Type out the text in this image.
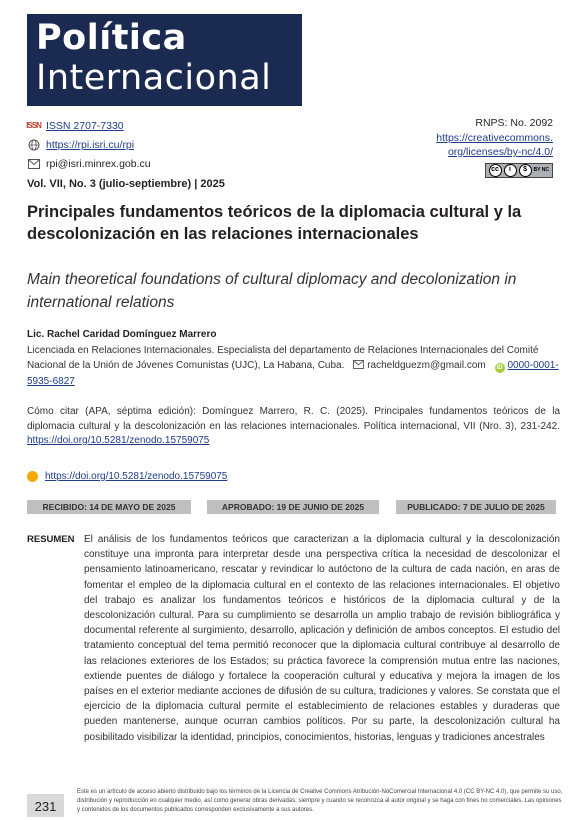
Política
Internacional
ISSN ISSN 2707-7330
https://rpi.isri.cu/rpi
rpi@isri.minrex.gob.cu
Vol. VII, No. 3 (julio-septiembre) | 2025
RNPS: No. 2092
https://creativecommons.
org/licenses/by-nc/4.0/
cc	i	$	BY NC
Principales fundamentos teóricos de la diplomacia cultural y la descolonización en las relaciones internacionales
Main theoretical foundations of cultural diplomacy and decolonization in international relations
Lic. Rachel Caridad Domínguez Marrero
Licenciada en Relaciones Internacionales. Especialista del departamento de Relaciones Internacionales del Comité Nacional de la Unión de Jóvenes Comunistas (UJC), La Habana, Cuba. racheldguezm@gmail.com iD 0000-0001-5935-6827
Cómo citar (APA, séptima edición): Domínguez Marrero, R. C. (2025). Principales fundamentos teóricos de la diplomacia cultural y la descolonización en las relaciones internacionales. Política internacional, VII (Nro. 3), 231-242. https://doi.org/10.5281/zenodo.15759075
https://doi.org/10.5281/zenodo.15759075
RECIBIDO: 14 DE MAYO DE 2025	APROBADO: 19 DE JUNIO DE 2025	PUBLICADO: 7 DE JULIO DE 2025
RESUMEN El análisis de los fundamentos teóricos que caracterizan a la diplomacia cultural y la descolonización constituye una impronta para interpretar desde una perspectiva crítica la necesidad de descolonizar el pensamiento latinoamericano, rescatar y revindicar lo autóctono de la cultura de cada nación, en aras de fomentar el empleo de la diplomacia cultural en el contexto de las relaciones internacionales. El objetivo del trabajo es analizar los fundamentos teóricos e históricos de la diplomacia cultural y de la descolonización cultural. Para su cumplimiento se desarrolla un amplio trabajo de revisión bibliográfica y documental referente al surgimiento, desarrollo, aplicación y definición de ambos conceptos. El estudio del tratamiento conceptual del tema permitió reconocer que la diplomacia cultural contribuye al desarrollo de las relaciones exteriores de los Estados; su práctica favorece la comprensión mutua entre las naciones, extiende puentes de diálogo y fortalece la cooperación cultural y educativa y mejora la imagen de los países en el exterior mediante acciones de difusión de su cultura, tradiciones y valores. Se constata que el ejercicio de la diplomacia cultural permite el establecimiento de relaciones estables y duraderas que pueden mantenerse, aunque ocurran cambios políticos. Por su parte, la descolonización cultural ha posibilitado visibilizar la identidad, principios, conocimientos, historias, lenguas y tradiciones ancestrales
231
Este es un artículo de acceso abierto distribuido bajo los términos de la Licencia de Creative Commons Atribución-NoComercial Internacional 4.0 (CC BY-NC 4.0), que permite su uso, distribución y reproducción en cualquier medio, así como generar obras derivadas; siempre y cuando se reconozca al autor original y se haga con fines no comerciales. Las opiniones y contenidos de los documentos publicados corresponden exclusivamente a sus autores.
